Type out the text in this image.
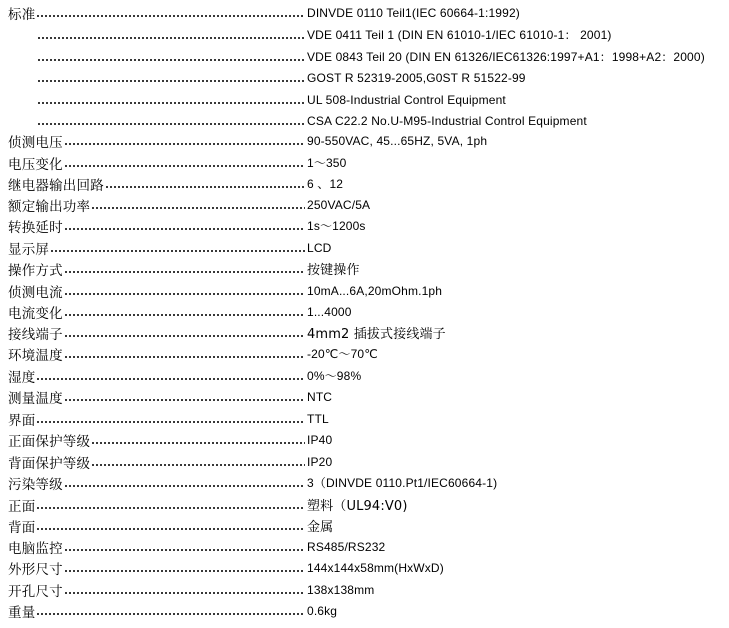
标准	DINVDE 0110 Teil1(IEC 60664-1:1992)
VDE 0411 Teil 1 (DIN EN 61010-1/IEC 61010-1： 2001)
VDE 0843 Teil 20 (DIN EN 61326/IEC61326:1997+A1：1998+A2：2000)
GOST R 52319-2005,G0ST R 51522-99
UL 508-Industrial Control Equipment
CSA C22.2 No.U-M95-Industrial Control Equipment
侦测电压	90-550VAC, 45...65HZ, 5VA, 1ph
电压变化	1～350
继电器输出回路	6 、12
额定输出功率	250VAC/5A
转换延时	1s～1200s
显示屏	LCD
操作方式	按键操作
侦测电流	10mA...6A,20mOhm.1ph
电流变化	1...4000
接线端子	4mm2 插拔式接线端子
环境温度	-20℃～70℃
湿度	0%～98%
测量温度	NTC
界面	TTL
正面保护等级	IP40
背面保护等级	IP20
污染等级	3（DINVDE 0110.Pt1/IEC60664-1)
正面	塑料（UL94:V0)
背面	金属
电脑监控	RS485/RS232
外形尺寸	144x144x58mm(HxWxD)
开孔尺寸	138x138mm
重量	0.6kg
